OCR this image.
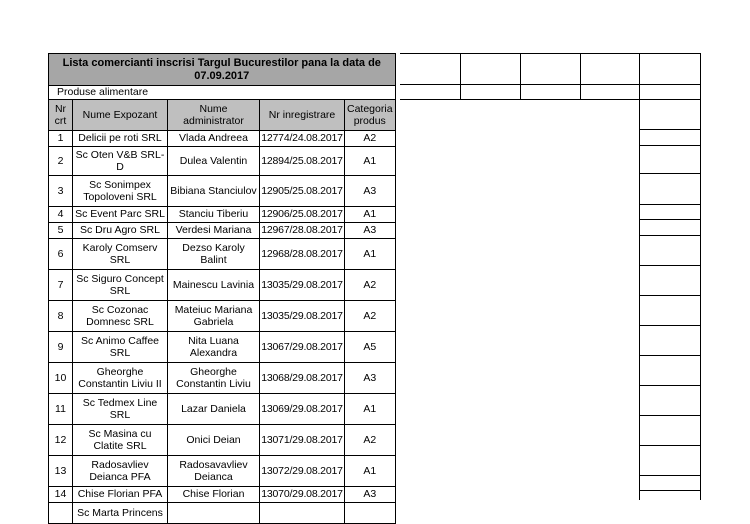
Lista comercianti inscrisi Targul Bucurestilor pana la data de 07.09.2017				
Produse alimentare				
Nr crt	Nume Expozant	Nume administrator	Nr inregistrare	Categoria produs
1	Delicii pe roti SRL	Vlada Andreea	12774/24.08.2017	A2
2	Sc Oten V&B SRL-D	Dulea Valentin	12894/25.08.2017	A1
3	Sc Sonimpex Topoloveni SRL	Bibiana Stanciulov	12905/25.08.2017	A3
4	Sc Event Parc SRL	Stanciu Tiberiu	12906/25.08.2017	A1
5	Sc Dru Agro SRL	Verdesi Mariana	12967/28.08.2017	A3
6	Karoly Comserv SRL	Dezso Karoly Balint	12968/28.08.2017	A1
7	Sc Siguro Concept SRL	Mainescu Lavinia	13035/29.08.2017	A2
8	Sc Cozonac Domnesc SRL	Mateiuc Mariana Gabriela	13035/29.08.2017	A2
9	Sc Animo Caffee SRL	Nita Luana Alexandra	13067/29.08.2017	A5
10	Gheorghe Constantin Liviu II	Gheorghe Constantin Liviu	13068/29.08.2017	A3
11	Sc Tedmex Line SRL	Lazar Daniela	13069/29.08.2017	A1
12	Sc Masina cu Clatite SRL	Onici Deian	13071/29.08.2017	A2
13	Radosavliev Deianca PFA	Radosavavliev Deianca	13072/29.08.2017	A1
14	Chise Florian PFA	Chise Florian	13070/29.08.2017	A3
	Sc Marta Princens			
